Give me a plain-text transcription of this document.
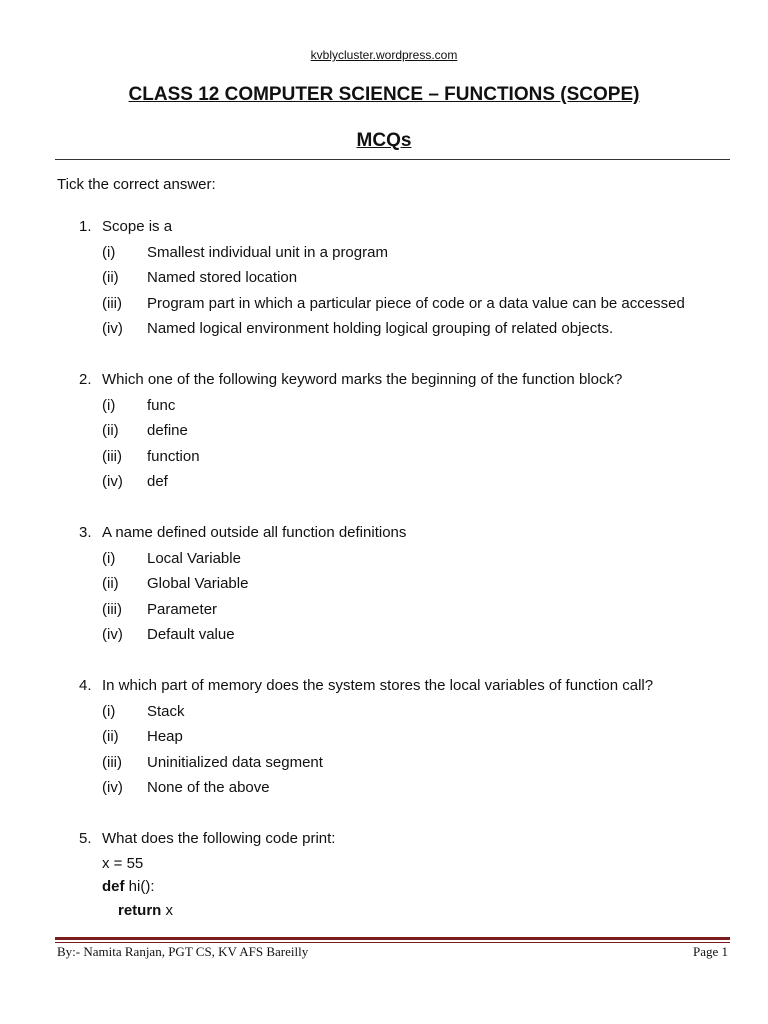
kvblycluster.wordpress.com
CLASS 12 COMPUTER SCIENCE – FUNCTIONS (SCOPE)
MCQs
Tick the correct answer:
1. Scope is a
(i) Smallest individual unit in a program
(ii) Named stored location
(iii) Program part in which a particular piece of code or a data value can be accessed
(iv) Named logical environment holding logical grouping of related objects.
2. Which one of the following keyword marks the beginning of the function block?
(i) func
(ii) define
(iii) function
(iv) def
3. A name defined outside all function definitions
(i) Local Variable
(ii) Global Variable
(iii) Parameter
(iv) Default value
4. In which part of memory does the system stores the local variables of function call?
(i) Stack
(ii) Heap
(iii) Uninitialized data segment
(iv) None of the above
5. What does the following code print:
x = 55
def hi():
return x
By:- Namita Ranjan, PGT CS, KV AFS Bareilly	Page 1
